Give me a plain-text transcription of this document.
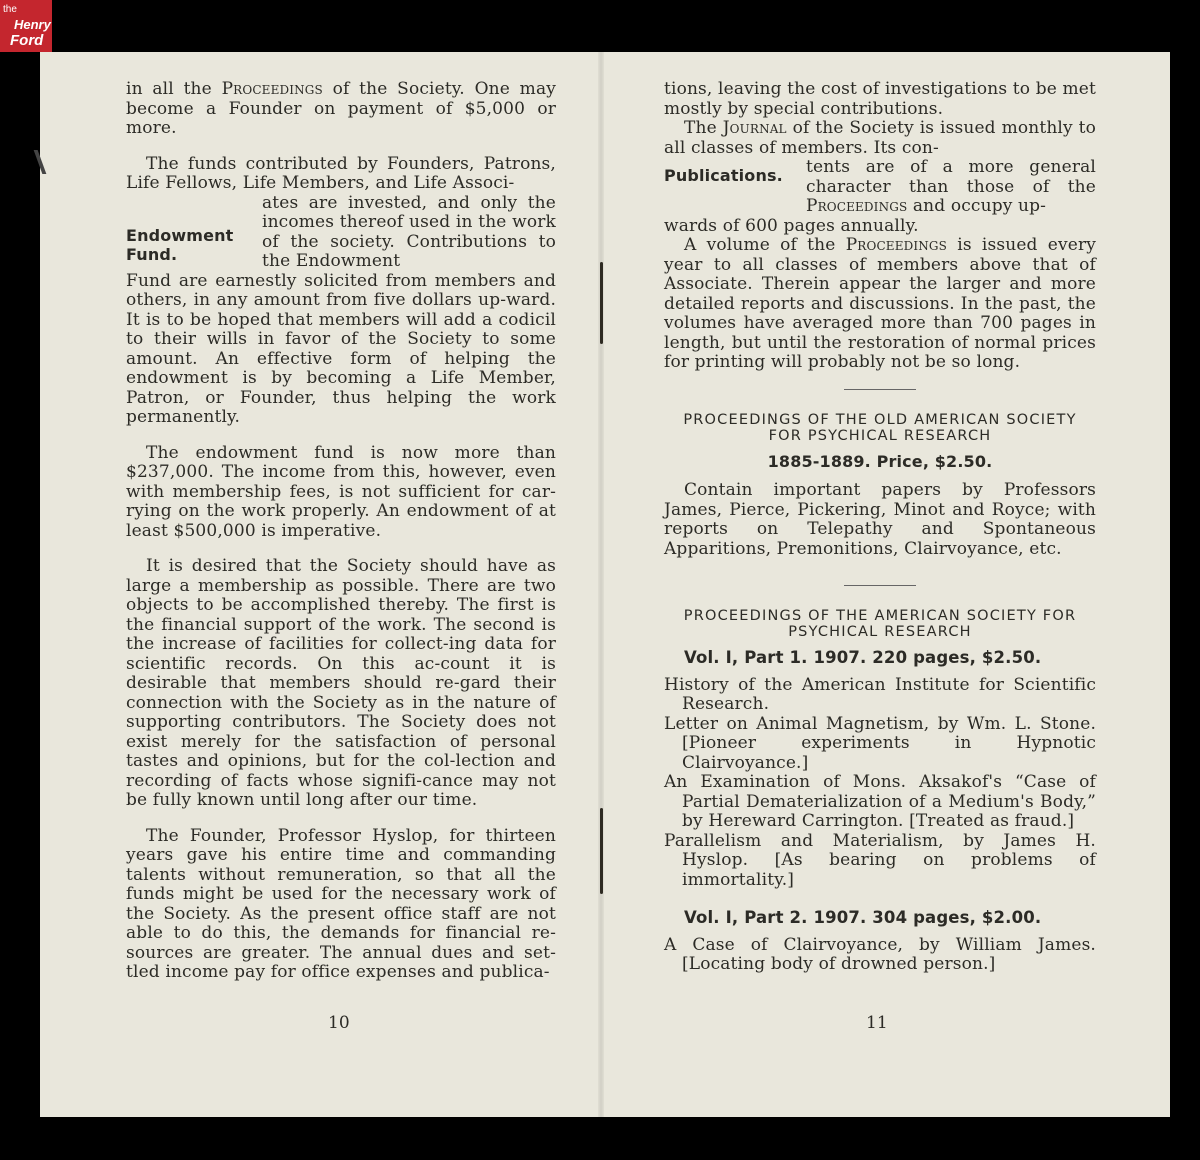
the
Henry
Ford

in all the Proceedings of the Society. One may become a Founder on payment of $5,000 or more.

The funds contributed by Founders, Patrons, Life Fellows, Life Members, and Life Associ-

Endowment Fund.
ates are invested, and only the incomes thereof used in the work of the society. Contributions to the Endowment

Fund are earnestly solicited from members and others, in any amount from five dollars up-ward. It is to be hoped that members will add a codicil to their wills in favor of the Society to some amount. An effective form of helping the endowment is by becoming a Life Member, Patron, or Founder, thus helping the work permanently.

The endowment fund is now more than $237,000. The income from this, however, even with membership fees, is not sufficient for car-rying on the work properly. An endowment of at least $500,000 is imperative.

It is desired that the Society should have as large a membership as possible. There are two objects to be accomplished thereby. The first is the financial support of the work. The second is the increase of facilities for collect-ing data for scientific records. On this ac-count it is desirable that members should re-gard their connection with the Society as in the nature of supporting contributors. The Society does not exist merely for the satisfaction of personal tastes and opinions, but for the col-lection and recording of facts whose signifi-cance may not be fully known until long after our time.

The Founder, Professor Hyslop, for thirteen years gave his entire time and commanding talents without remuneration, so that all the funds might be used for the necessary work of the Society. As the present office staff are not able to do this, the demands for financial re-sources are greater. The annual dues and set-tled income pay for office expenses and publica-

10

tions, leaving the cost of investigations to be met mostly by special contributions.

The Journal of the Society is issued monthly to all classes of members. Its con-

Publications.	tents are of a more general character than those of the Proceedings and occupy up-

wards of 600 pages annually.

A volume of the Proceedings is issued every year to all classes of members above that of Associate. Therein appear the larger and more detailed reports and discussions. In the past, the volumes have averaged more than 700 pages in length, but until the restoration of normal prices for printing will probably not be so long.

PROCEEDINGS OF THE OLD AMERICAN SOCIETY FOR PSYCHICAL RESEARCH

1885-1889. Price, $2.50.

Contain important papers by Professors James, Pierce, Pickering, Minot and Royce; with reports on Telepathy and Spontaneous Apparitions, Premonitions, Clairvoyance, etc.

PROCEEDINGS OF THE AMERICAN SOCIETY FOR PSYCHICAL RESEARCH

Vol. I, Part 1. 1907. 220 pages, $2.50.

History of the American Institute for Scientific Research.

Letter on Animal Magnetism, by Wm. L. Stone. [Pioneer experiments in Hypnotic Clairvoyance.]

An Examination of Mons. Aksakof's “Case of Partial Dematerialization of a Medium's Body,” by Hereward Carrington. [Treated as fraud.]

Parallelism and Materialism, by James H. Hyslop. [As bearing on problems of immortality.]

Vol. I, Part 2. 1907. 304 pages, $2.00.

A Case of Clairvoyance, by William James. [Locating body of drowned person.]

11
